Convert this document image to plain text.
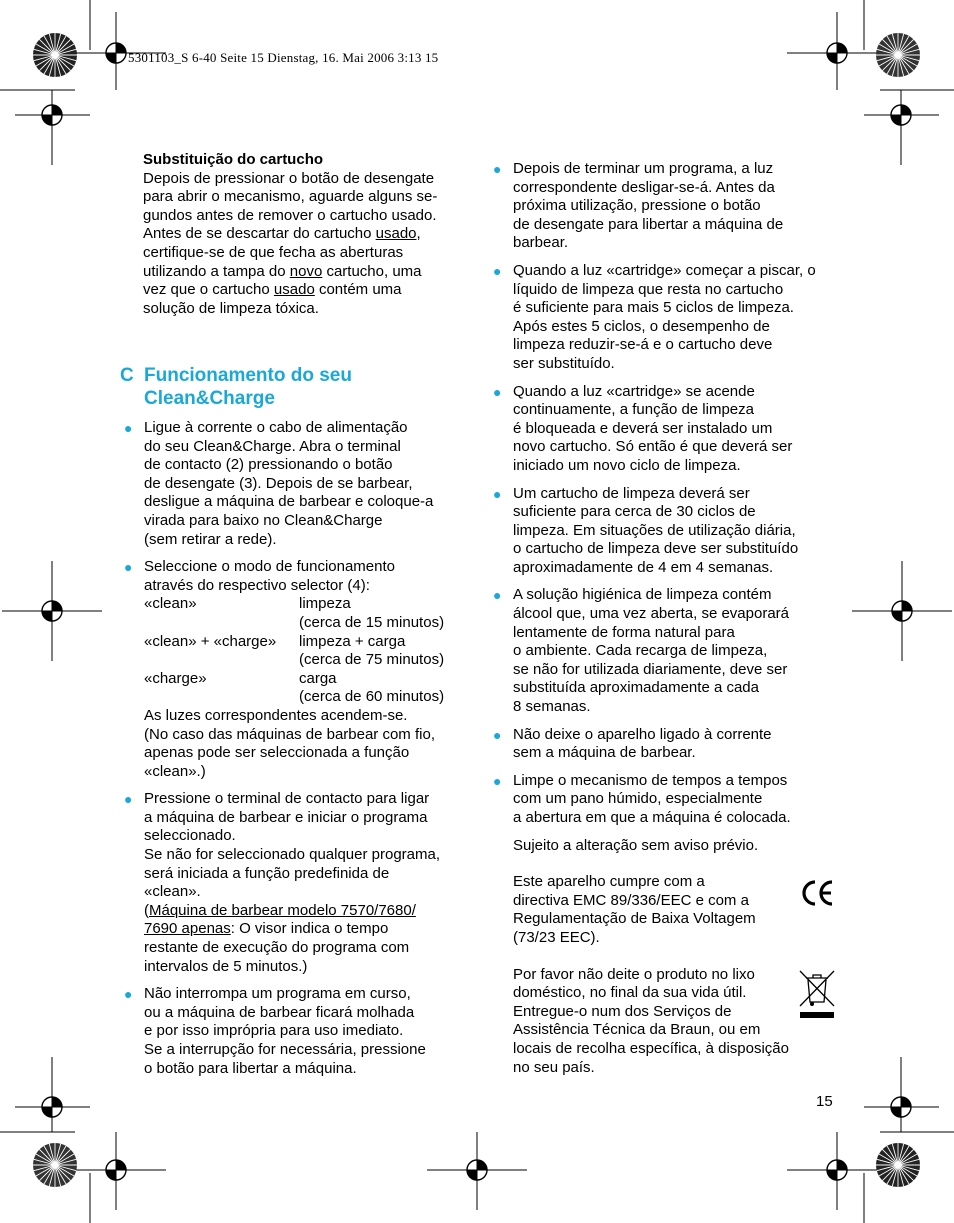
5301103_S 6-40 Seite 15 Dienstag, 16. Mai 2006 3:13 15

Substituição do cartucho

Depois de pressionar o botão de desengate

para abrir o mecanismo, aguarde alguns se-

gundos antes de remover o cartucho usado.

Antes de se descartar do cartucho usado,

certifique-se de que fecha as aberturas

utilizando a tampa do novo cartucho, uma

vez que o cartucho usado contém uma

solução de limpeza tóxica.

C Funcionamento do seu
Clean&Charge
● Ligue à corrente o cabo de alimentação
do seu Clean&Charge. Abra o terminal
de contacto (2) pressionando o botão
de desengate (3). Depois de se barbear,
desligue a máquina de barbear e coloque-a
virada para baixo no Clean&Charge
(sem retirar a rede).
● Seleccione o modo de funcionamento
através do respectivo selector (4):
«clean»	limpeza
(cerca de 15 minutos)
«clean» + «charge»	limpeza + carga
(cerca de 75 minutos)
«charge»	carga
(cerca de 60 minutos)
As luzes correspondentes acendem-se.
(No caso das máquinas de barbear com fio,
apenas pode ser seleccionada a função
«clean».)
● Pressione o terminal de contacto para ligar
a máquina de barbear e iniciar o programa
seleccionado.
Se não for seleccionado qualquer programa,
será iniciada a função predefinida de
«clean».
(Máquina de barbear modelo 7570/7680/
7690 apenas: O visor indica o tempo
restante de execução do programa com
intervalos de 5 minutos.)
● Não interrompa um programa em curso,
ou a máquina de barbear ficará molhada
e por isso imprópria para uso imediato.
Se a interrupção for necessária, pressione
o botão para libertar a máquina.
● Depois de terminar um programa, a luz
correspondente desligar-se-á. Antes da
próxima utilização, pressione o botão
de desengate para libertar a máquina de
barbear.
● Quando a luz «cartridge» começar a piscar, o
líquido de limpeza que resta no cartucho
é suficiente para mais 5 ciclos de limpeza.
Após estes 5 ciclos, o desempenho de
limpeza reduzir-se-á e o cartucho deve
ser substituído.
● Quando a luz «cartridge» se acende
continuamente, a função de limpeza
é bloqueada e deverá ser instalado um
novo cartucho. Só então é que deverá ser
iniciado um novo ciclo de limpeza.
● Um cartucho de limpeza deverá ser
suficiente para cerca de 30 ciclos de
limpeza. Em situações de utilização diária,
o cartucho de limpeza deve ser substituído
aproximadamente de 4 em 4 semanas.
● A solução higiénica de limpeza contém
álcool que, uma vez aberta, se evaporará
lentamente de forma natural para
o ambiente. Cada recarga de limpeza,
se não for utilizada diariamente, deve ser
substituída aproximadamente a cada
8 semanas.
● Não deixe o aparelho ligado à corrente
sem a máquina de barbear.
● Limpe o mecanismo de tempos a tempos
com um pano húmido, especialmente
a abertura em que a máquina é colocada.

Sujeito a alteração sem aviso prévio.

Este aparelho cumpre com a
directiva EMC 89/336/EEC e com a
Regulamentação de Baixa Voltagem
(73/23 EEC).
Por favor não deite o produto no lixo
doméstico, no final da sua vida útil.
Entregue-o num dos Serviços de
Assistência Técnica da Braun, ou em
locais de recolha específica, à disposição
no seu país.
15
